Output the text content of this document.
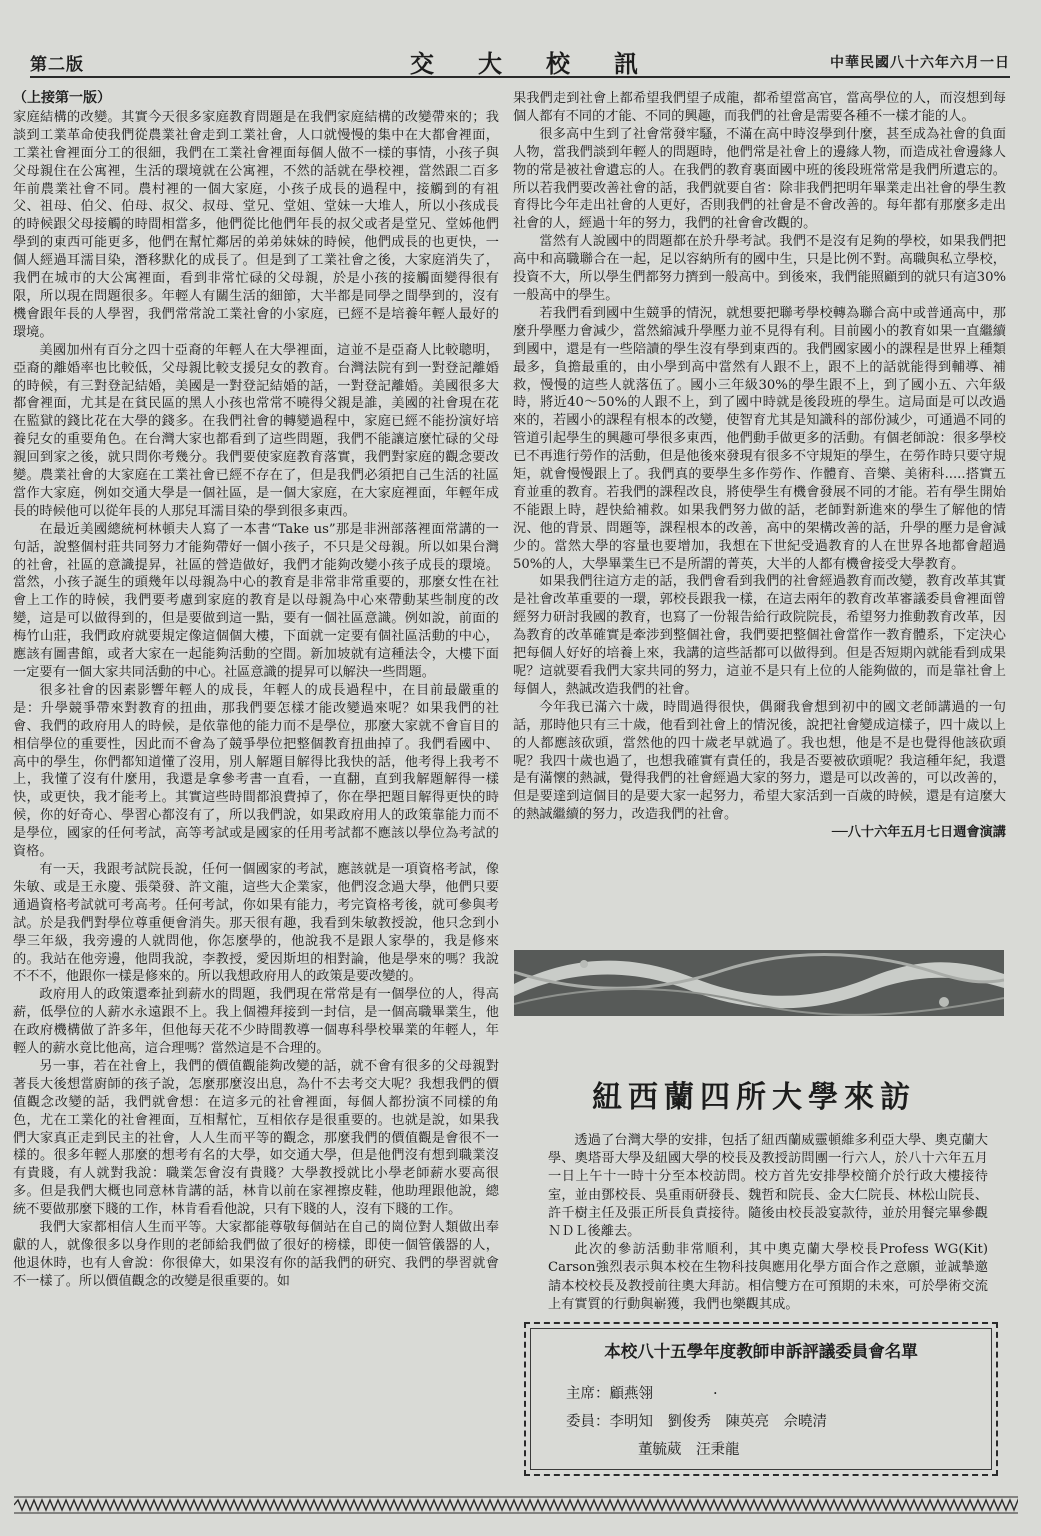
第二版	交大校訊	中華民國八十六年六月一日
（上接第一版）

家庭結構的改變。其實今天很多家庭教育問題是在我們家庭結構的改變帶來的；我談到工業革命使我們從農業社會走到工業社會，人口就慢慢的集中在大都會裡面，工業社會裡面分工的很細，我們在工業社會裡面每個人做不一樣的事情，小孩子與父母親住在公寓裡，生活的環境就在公寓裡，不然的話就在學校裡，當然跟二百多年前農業社會不同。農村裡的一個大家庭，小孩子成長的過程中，接觸到的有祖父、祖母、伯父、伯母、叔父、叔母、堂兄、堂姐、堂妹一大堆人，所以小孩成長的時候跟父母接觸的時間相當多，他們從比他們年長的叔父或者是堂兄、堂姊他們學到的東西可能更多，他們在幫忙鄰居的弟弟妹妹的時候，他們成長的也更快，一個人經過耳濡目染，潛移默化的成長了。但是到了工業社會之後，大家庭消失了，我們在城市的大公寓裡面，看到非常忙碌的父母親，於是小孩的接觸面變得很有限，所以現在問題很多。年輕人有關生活的細節，大半都是同學之間學到的，沒有機會跟年長的人學習，我們常常說工業社會的小家庭，已經不是培養年輕人最好的環境。

美國加州有百分之四十亞裔的年輕人在大學裡面，這並不是亞裔人比較聰明，亞裔的離婚率也比較低，父母親比較支援兒女的教育。台灣法院有到一對登記離婚的時候，有三對登記結婚，美國是一對登記結婚的話，一對登記離婚。美國很多大都會裡面，尤其是在貧民區的黑人小孩也常常不曉得父親是誰，美國的社會現在花在監獄的錢比花在大學的錢多。在我們社會的轉變過程中，家庭已經不能扮演好培養兒女的重要角色。在台灣大家也都看到了這些問題，我們不能讓這麼忙碌的父母親回到家之後，就只問你考幾分。我們要使家庭教育落實，我們對家庭的觀念要改變。農業社會的大家庭在工業社會已經不存在了，但是我們必須把自己生活的社區當作大家庭，例如交通大學是一個社區，是一個大家庭，在大家庭裡面，年輕年成長的時候他可以從年長的人那兒耳濡目染的學到很多東西。

在最近美國總統柯林頓夫人寫了一本書“Take us”那是非洲部落裡面常講的一句話，說整個村莊共同努力才能夠帶好一個小孩子，不只是父母親。所以如果台灣的社會，社區的意識提昇，社區的營造做好，我們才能夠改變小孩子成長的環境。當然，小孩子誕生的頭幾年以母親為中心的教育是非常非常重要的，那麼女性在社會上工作的時候，我們要考慮到家庭的教育是以母親為中心來帶動某些制度的改變，這是可以做得到的，但是要做到這一點，要有一個社區意識。例如說，前面的梅竹山莊，我們政府就要規定像這個個大樓，下面就一定要有個社區活動的中心，應該有圖書館，或者大家在一起能夠活動的空間。新加坡就有這種法令，大樓下面一定要有一個大家共同活動的中心。社區意識的提昇可以解決一些問題。

很多社會的因素影響年輕人的成長，年輕人的成長過程中，在目前最嚴重的是：升學競爭帶來對教育的扭曲，那我們要怎樣才能改變過來呢？如果我們的社會、我們的政府用人的時候，是依靠他的能力而不是學位，那麼大家就不會盲目的相信學位的重要性，因此而不會為了競爭學位把整個教育扭曲掉了。我們看國中、高中的學生，你們都知道懂了沒用，別人解題目解得比我快的話，他考得上我考不上，我懂了沒有什麼用，我還是拿參考書一直看，一直翻，直到我解題解得一樣快，或更快，我才能考上。其實這些時間都浪費掉了，你在學把題目解得更快的時候，你的好奇心、學習心都沒有了，所以我們說，如果政府用人的政策靠能力而不是學位，國家的任何考試，高等考試或是國家的任用考試都不應該以學位為考試的資格。

有一天，我跟考試院長說，任何一個國家的考試，應該就是一項資格考試，像朱敏、或是王永慶、張榮發、許文龍，這些大企業家，他們沒念過大學，他們只要通過資格考試就可考高考。任何考試，你如果有能力，考完資格考後，就可參與考試。於是我們對學位尊重便會消失。那天很有趣，我看到朱敏教授說，他只念到小學三年級，我旁邊的人就問他，你怎麼學的，他說我不是跟人家學的，我是修來的。我站在他旁邊，他問我說，李教授，愛因斯坦的相對論，他是學來的嗎？我說不不不，他跟你一樣是修來的。所以我想政府用人的政策是要改變的。

政府用人的政策還牽扯到薪水的問題，我們現在常常是有一個學位的人，得高薪，低學位的人薪水永遠跟不上。我上個禮拜接到一封信，是一個高職畢業生，他在政府機構做了許多年，但他每天花不少時間教導一個專科學校畢業的年輕人，年輕人的薪水竟比他高，這合理嗎？當然這是不合理的。

另一事，若在社會上，我們的價值觀能夠改變的話，就不會有很多的父母親對著長大後想當廚師的孩子說，怎麼那麼沒出息，為什不去考交大呢？我想我們的價值觀念改變的話，我們就會想：在這多元的社會裡面，每個人都扮演不同樣的角色，尤在工業化的社會裡面，互相幫忙，互相依存是很重要的。也就是說，如果我們大家真正走到民主的社會，人人生而平等的觀念，那麼我們的價值觀是會很不一樣的。很多年輕人那麼的想考有名的大學，如交通大學，但是他們沒有想到職業沒有貴賤，有人就對我說：職業怎會沒有貴賤？大學教授就比小學老師薪水要高很多。但是我們大概也同意林肯講的話，林肯以前在家裡擦皮鞋，他助理跟他說，總統不要做那麼下賤的工作，林肯看看他說，只有下賤的人，沒有下賤的工作。

我們大家都相信人生而平等。大家都能尊敬每個站在自己的崗位對人類做出奉獻的人，就像很多以身作則的老師給我們做了很好的榜樣，即使一個管儀器的人，他退休時，也有人會說：你很偉大，如果沒有你的話我們的研究、我們的學習就會不一樣了。所以價值觀念的改變是很重要的。如

果我們走到社會上都希望我們望子成龍，都希望當高官，當高學位的人，而沒想到每個人都有不同的才能、不同的興趣，而我們的社會是需要各種不一樣才能的人。

很多高中生到了社會常發牢騷，不滿在高中時沒學到什麼，甚至成為社會的負面人物，當我們談到年輕人的問題時，他們常是社會上的邊緣人物，而造成社會邊緣人物的常是被社會遺忘的人。在我們的教育裏面國中班的後段班常常是我們所遺忘的。所以若我們要改善社會的話，我們就要自省：除非我們把明年畢業走出社會的學生教育得比今年走出社會的人更好，否則我們的社會是不會改善的。每年都有那麼多走出社會的人，經過十年的努力，我們的社會會改觀的。

當然有人說國中的問題都在於升學考試。我們不是沒有足夠的學校，如果我們把高中和高職聯合在一起，足以容納所有的國中生，只是比例不對。高職與私立學校，投資不大，所以學生們都努力擠到一般高中。到後來，我們能照顧到的就只有這30%一般高中的學生。

若我們看到國中生競爭的情況，就想要把聯考學校轉為聯合高中或普通高中，那麼升學壓力會減少，當然縮減升學壓力並不見得有利。目前國小的教育如果一直繼續到國中，還是有一些陪讀的學生沒有學到東西的。我們國家國小的課程是世界上種類最多，負擔最重的，由小學到高中當然有人跟不上，跟不上的話就能得到輔導、補救，慢慢的這些人就落伍了。國小三年級30%的學生跟不上，到了國小五、六年級時，將近40～50%的人跟不上，到了國中時就是後段班的學生。這局面是可以改過來的，若國小的課程有根本的改變，使智育尤其是知識科的部份減少，可通過不同的管道引起學生的興趣可學很多東西，他們動手做更多的活動。有個老師說：很多學校已不再進行勞作的活動，但是他後來發現有很多不守規矩的學生，在勞作時只要守規矩，就會慢慢跟上了。我們真的要學生多作勞作、作體育、音樂、美術科.....搭實五育並重的教育。若我們的課程改良，將使學生有機會發展不同的才能。若有學生開始不能跟上時，趕快給補救。如果我們努力做的話，老師對新進來的學生了解他的情況、他的背景、問題等，課程根本的改善，高中的架構改善的話，升學的壓力是會減少的。當然大學的容量也要增加，我想在下世紀受過教育的人在世界各地都會超過50%的人，大學畢業生已不是所謂的菁英，大半的人都有機會接受大學教育。

如果我們往這方走的話，我們會看到我們的社會經過教育而改變，教育改革其實是社會改革重要的一環，郭校長跟我一樣，在這去兩年的教育改革審議委員會裡面曾經努力研討我國的教育，也寫了一份報告給行政院院長，希望努力推動教育改革，因為教育的改革確實是牽涉到整個社會，我們要把整個社會當作一教育體系，下定決心把每個人好好的培養上來，我講的這些話都可以做得到。但是否短期內就能看到成果呢？這就要看我們大家共同的努力，這並不是只有上位的人能夠做的，而是靠社會上每個人，熱誠改造我們的社會。

今年我已滿六十歲，時間過得很快，偶爾我會想到初中的國文老師講過的一句話，那時他只有三十歲，他看到社會上的情況後，說把社會變成這樣子，四十歲以上的人都應該砍頭，當然他的四十歲老早就過了。我也想，他是不是也覺得他該砍頭呢？我四十歲也過了，也想我確實有責任的，我是否要被砍頭呢？我這種年紀，我還是有滿懷的熱誠，覺得我們的社會經過大家的努力，還是可以改善的，可以改善的，但是要達到這個目的是要大家一起努力，希望大家活到一百歲的時候，還是有這麼大的熱誠繼續的努力，改造我們的社會。

──八十六年五月七日週會演講

紐西蘭四所大學來訪

透過了台灣大學的安排，包括了紐西蘭威靈頓維多利亞大學、奧克蘭大學、奧塔哥大學及紐國大學的校長及教授訪問團一行六人，於八十六年五月一日上午十一時十分至本校訪問。校方首先安排學校簡介於行政大樓接待室，並由鄧校長、吳重雨研發長、魏哲和院長、金大仁院長、林松山院長、許千樹主任及張正所長負責接待。隨後由校長設宴款待，並於用餐完畢參觀ＮＤＬ後離去。

此次的參訪活動非常順利，其中奧克蘭大學校長Profess WG(Kit) Carson強烈表示與本校在生物科技與應用化學方面合作之意願，並誠摯邀請本校校長及教授前往奧大拜訪。相信雙方在可預期的未來，可於學術交流上有實質的行動與嶄獲，我們也樂觀其成。

本校八十五學年度教師申訴評議委員會名單
主席：顧燕翎	·
委員：李明知　劉俊秀　陳英亮　佘曉清
董毓葳　汪秉龍
